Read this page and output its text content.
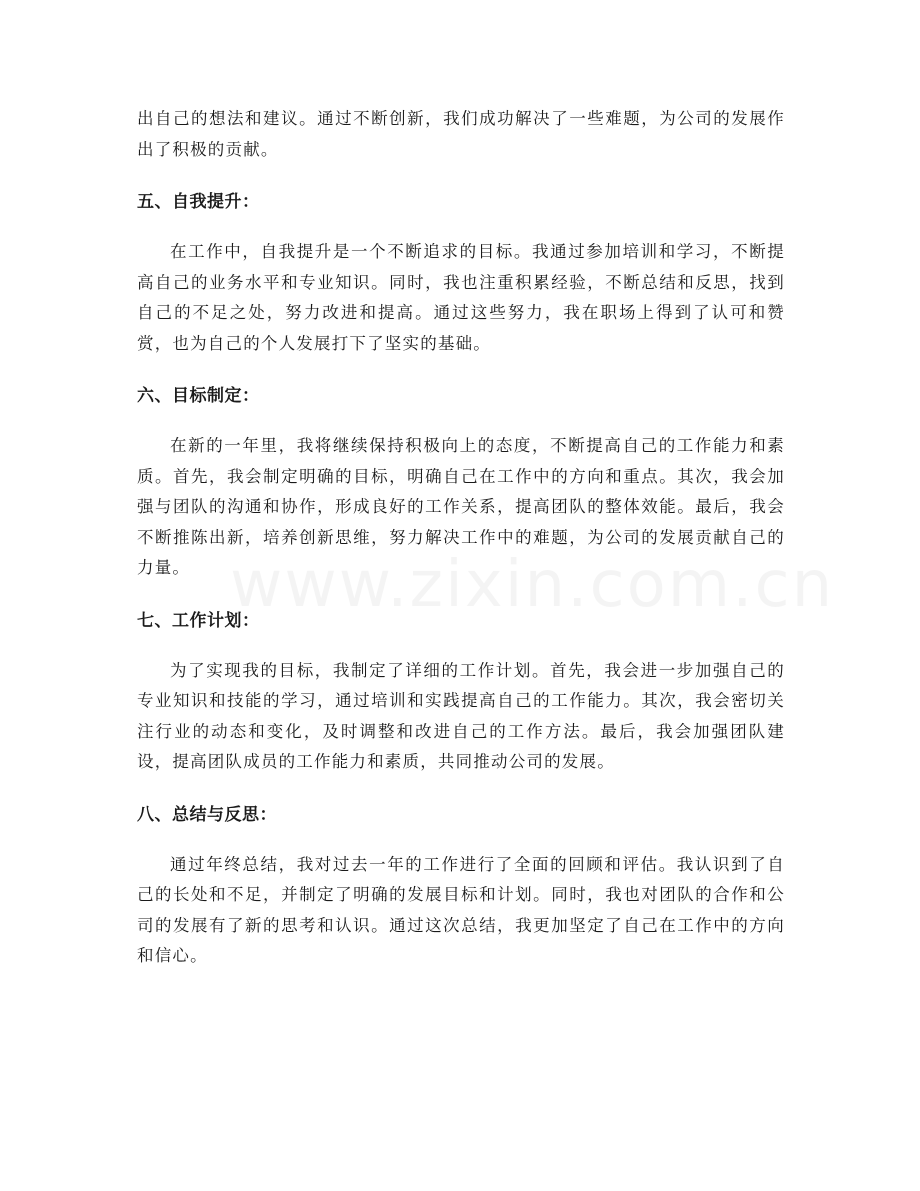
出自己的想法和建议。通过不断创新，我们成功解决了一些难题，为公司的发展作出了积极的贡献。

五、自我提升：

在工作中，自我提升是一个不断追求的目标。我通过参加培训和学习，不断提高自己的业务水平和专业知识。同时，我也注重积累经验，不断总结和反思，找到自己的不足之处，努力改进和提高。通过这些努力，我在职场上得到了认可和赞赏，也为自己的个人发展打下了坚实的基础。

六、目标制定：

在新的一年里，我将继续保持积极向上的态度，不断提高自己的工作能力和素质。首先，我会制定明确的目标，明确自己在工作中的方向和重点。其次，我会加强与团队的沟通和协作，形成良好的工作关系，提高团队的整体效能。最后，我会不断推陈出新，培养创新思维，努力解决工作中的难题，为公司的发展贡献自己的力量。

七、工作计划：

为了实现我的目标，我制定了详细的工作计划。首先，我会进一步加强自己的专业知识和技能的学习，通过培训和实践提高自己的工作能力。其次，我会密切关注行业的动态和变化，及时调整和改进自己的工作方法。最后，我会加强团队建设，提高团队成员的工作能力和素质，共同推动公司的发展。

八、总结与反思：

通过年终总结，我对过去一年的工作进行了全面的回顾和评估。我认识到了自己的长处和不足，并制定了明确的发展目标和计划。同时，我也对团队的合作和公司的发展有了新的思考和认识。通过这次总结，我更加坚定了自己在工作中的方向和信心。
